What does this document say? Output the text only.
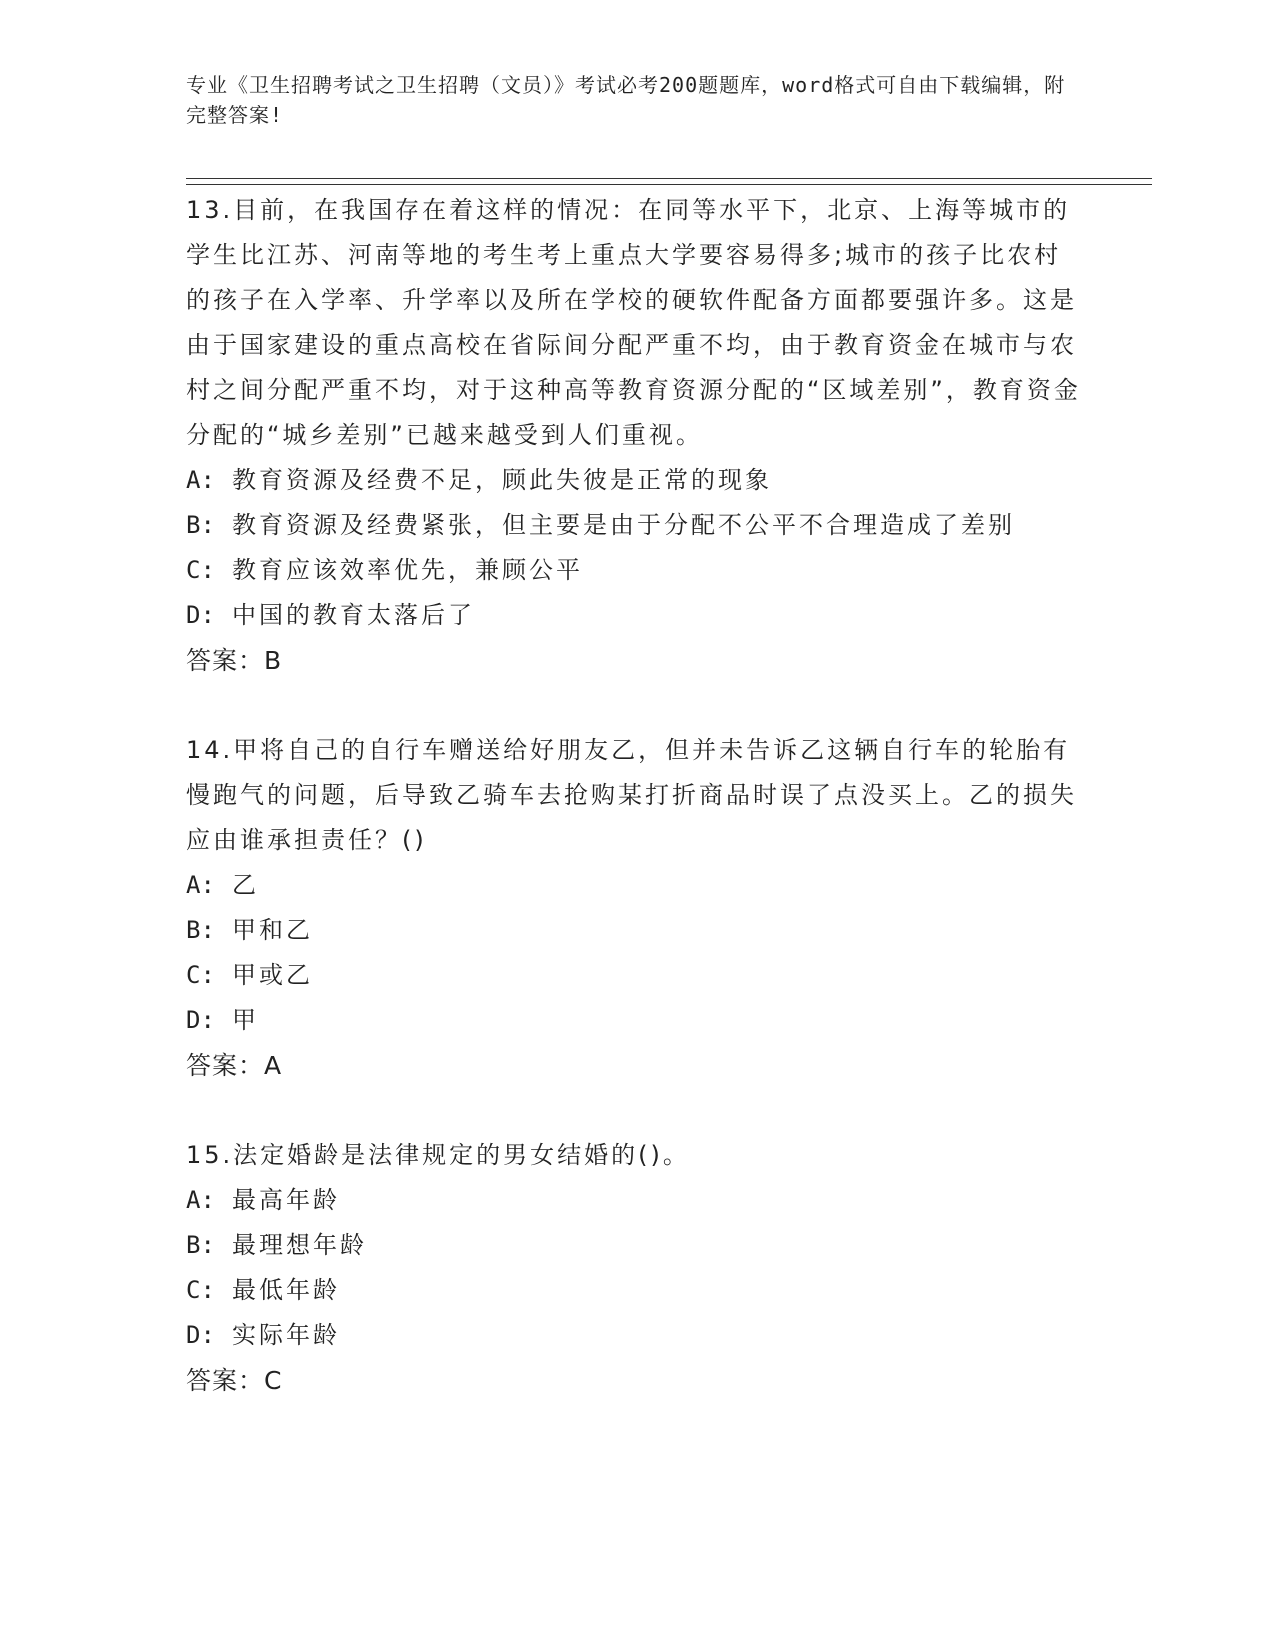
专业《卫生招聘考试之卫生招聘（文员）》考试必考200题题库，word格式可自由下载编辑，附完整答案!

13.目前，在我国存在着这样的情况：在同等水平下，北京、上海等城市的学生比江苏、河南等地的考生考上重点大学要容易得多;城市的孩子比农村的孩子在入学率、升学率以及所在学校的硬软件配备方面都要强许多。这是由于国家建设的重点高校在省际间分配严重不均，由于教育资金在城市与农村之间分配严重不均，对于这种高等教育资源分配的“区域差别”，教育资金分配的“城乡差别”已越来越受到人们重视。

A: 教育资源及经费不足，顾此失彼是正常的现象

B: 教育资源及经费紧张，但主要是由于分配不公平不合理造成了差别

C: 教育应该效率优先，兼顾公平

D: 中国的教育太落后了

答案：B

14.甲将自己的自行车赠送给好朋友乙，但并未告诉乙这辆自行车的轮胎有慢跑气的问题，后导致乙骑车去抢购某打折商品时误了点没买上。乙的损失应由谁承担责任？()

A: 乙

B: 甲和乙

C: 甲或乙

D: 甲

答案：A

15.法定婚龄是法律规定的男女结婚的()。

A: 最高年龄

B: 最理想年龄

C: 最低年龄

D: 实际年龄

答案：C
